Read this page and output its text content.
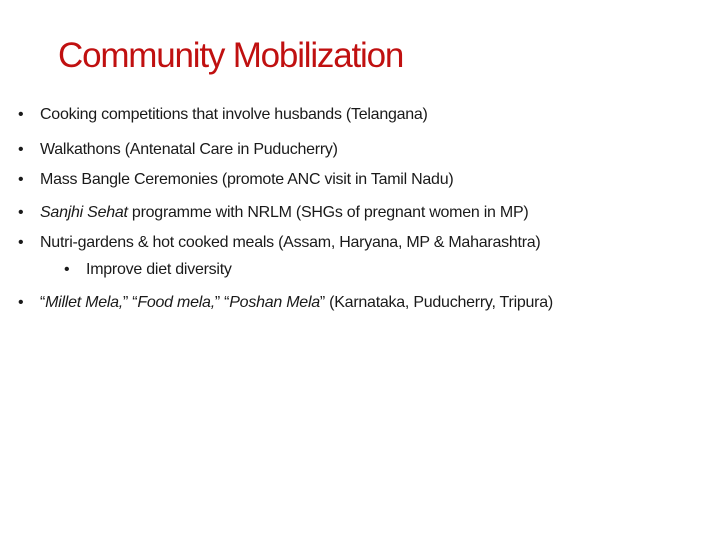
Community Mobilization
• Cooking competitions that involve husbands (Telangana)
• Walkathons (Antenatal Care in Puducherry)
• Mass Bangle Ceremonies (promote ANC visit in Tamil Nadu)
• Sanjhi Sehat programme with NRLM (SHGs of pregnant women in MP)
• Nutri-gardens & hot cooked meals (Assam, Haryana, MP & Maharashtra)
• Improve diet diversity
• “Millet Mela,” “Food mela,” “Poshan Mela” (Karnataka, Puducherry, Tripura)
